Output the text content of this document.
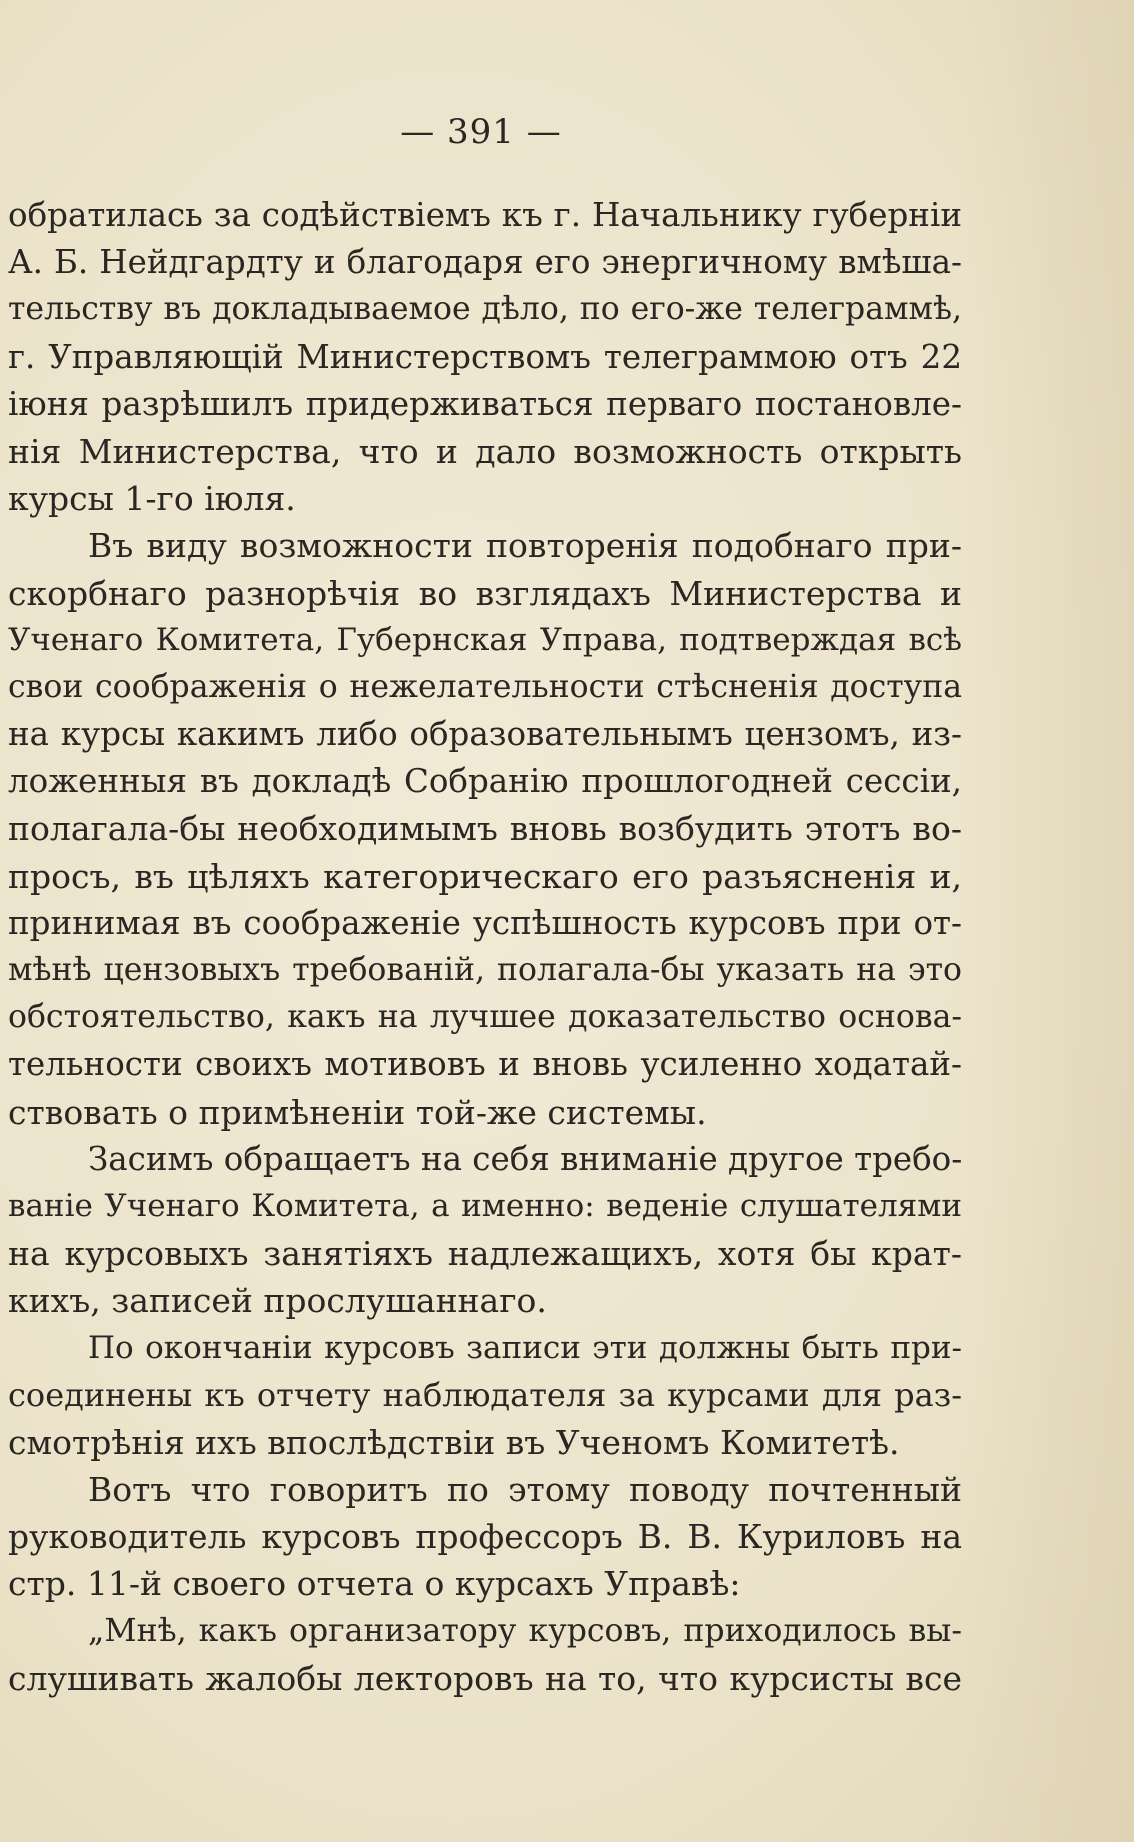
— 391 —
обратилась за содѣйствіемъ къ г. Начальнику губерніи
А. Б. Нейдгардту и благодаря его энергичному вмѣша-
тельству въ докладываемое дѣло, по его-же телеграммѣ,
г. Управляющій Министерствомъ телеграммою отъ 22
іюня разрѣшилъ придерживаться перваго постановле-
нія Министерства, что и дало возможность открыть
курсы 1-го іюля.
Въ виду возможности повторенія подобнаго при-
скорбнаго разнорѣчія во взглядахъ Министерства и
Ученаго Комитета, Губернская Управа, подтверждая всѣ
свои соображенія о нежелательности стѣсненія доступа
на курсы какимъ либо образовательнымъ цензомъ, из-
ложенныя въ докладѣ Собранію прошлогодней сессіи,
полагала-бы необходимымъ вновь возбудить этотъ во-
просъ, въ цѣляхъ категорическаго его разъясненія и,
принимая въ соображеніе успѣшность курсовъ при от-
мѣнѣ цензовыхъ требованій, полагала-бы указать на это
обстоятельство, какъ на лучшее доказательство основа-
тельности своихъ мотивовъ и вновь усиленно ходатай-
ствовать о примѣненіи той-же системы.
Засимъ обращаетъ на себя вниманіе другое требо-
ваніе Ученаго Комитета, а именно: веденіе слушателями
на курсовыхъ занятіяхъ надлежащихъ, хотя бы крат-
кихъ, записей прослушаннаго.
По окончаніи курсовъ записи эти должны быть при-
соединены къ отчету наблюдателя за курсами для раз-
смотрѣнія ихъ впослѣдствіи въ Ученомъ Комитетѣ.
Вотъ что говоритъ по этому поводу почтенный
руководитель курсовъ профессоръ В. В. Куриловъ на
стр. 11-й своего отчета о курсахъ Управѣ:
„Мнѣ, какъ организатору курсовъ, приходилось вы-
слушивать жалобы лекторовъ на то, что курсисты все
